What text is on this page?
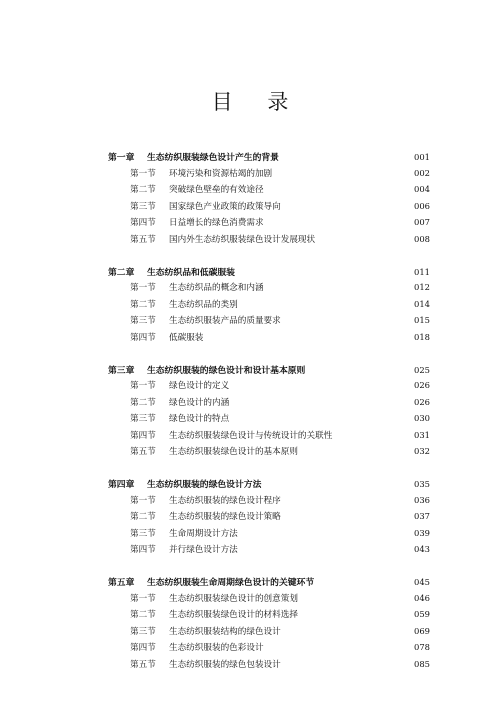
目 录
第一章	生态纺织服装绿色设计产生的背景	001
第一节	环境污染和资源枯竭的加剧	002
第二节	突破绿色壁垒的有效途径	004
第三节	国家绿色产业政策的政策导向	006
第四节	日益增长的绿色消费需求	007
第五节	国内外生态纺织服装绿色设计发展现状	008
第二章	生态纺织品和低碳服装	011
第一节	生态纺织品的概念和内涵	012
第二节	生态纺织品的类别	014
第三节	生态纺织服装产品的质量要求	015
第四节	低碳服装	018
第三章	生态纺织服装的绿色设计和设计基本原则	025
第一节	绿色设计的定义	026
第二节	绿色设计的内涵	026
第三节	绿色设计的特点	030
第四节	生态纺织服装绿色设计与传统设计的关联性	031
第五节	生态纺织服装绿色设计的基本原则	032
第四章	生态纺织服装的绿色设计方法	035
第一节	生态纺织服装的绿色设计程序	036
第二节	生态纺织服装的绿色设计策略	037
第三节	生命周期设计方法	039
第四节	并行绿色设计方法	043
第五章	生态纺织服装生命周期绿色设计的关键环节	045
第一节	生态纺织服装绿色设计的创意策划	046
第二节	生态纺织服装绿色设计的材料选择	059
第三节	生态纺织服装结构的绿色设计	069
第四节	生态纺织服装的色彩设计	078
第五节	生态纺织服装的绿色包装设计	085
